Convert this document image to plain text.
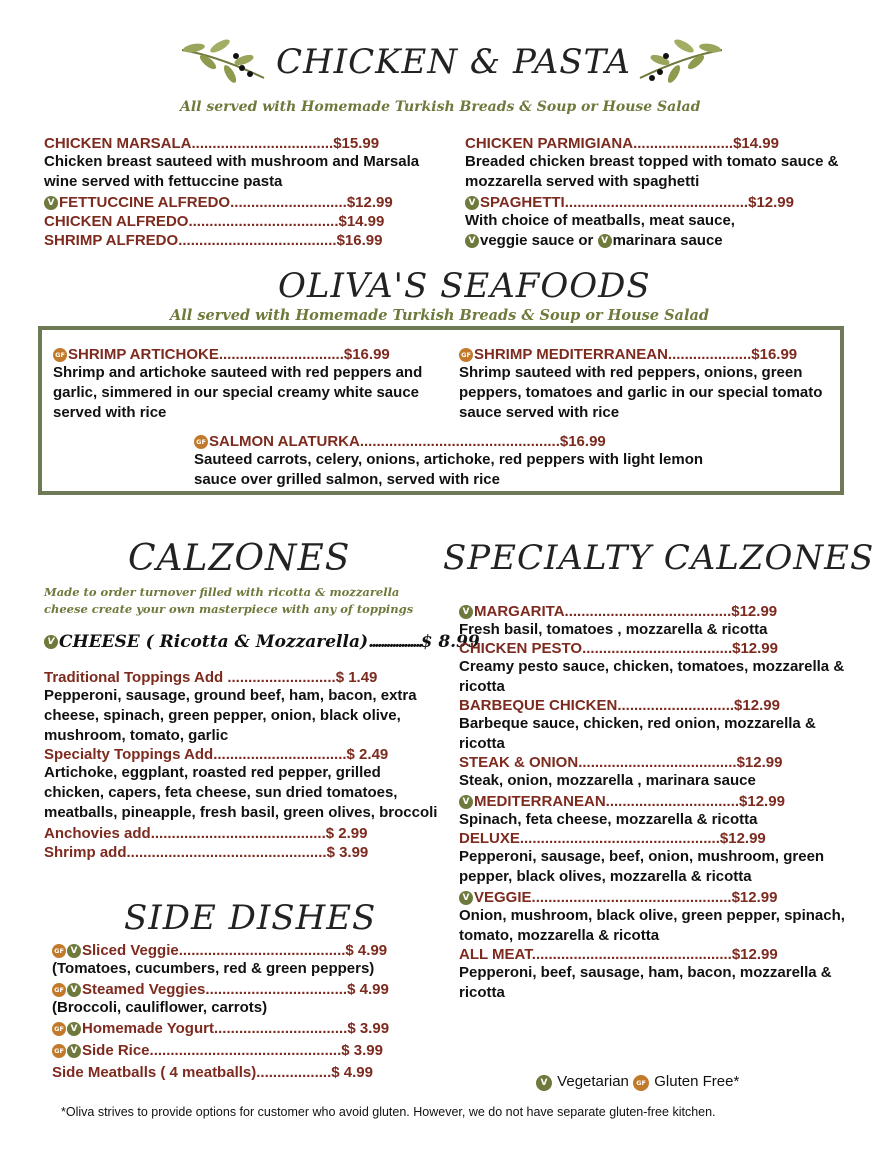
CHICKEN & PASTA
All served with Homemade Turkish Breads & Soup or House Salad
CHICKEN MARSALA..................................$15.99
Chicken breast sauteed with mushroom and Marsala wine served with fettuccine pasta
V FETTUCCINE ALFREDO............................$12.99
CHICKEN ALFREDO....................................$14.99
SHRIMP ALFREDO......................................$16.99
CHICKEN PARMIGIANA........................$14.99
Breaded chicken breast topped with tomato sauce & mozzarella served with spaghetti
V SPAGHETTI............................................$12.99
With choice of meatballs, meat sauce,
V veggie sauce or V marinara sauce
OLIVA'S SEAFOODS
All served with Homemade Turkish Breads & Soup or House Salad
GF SHRIMP ARTICHOKE..............................$16.99
Shrimp and artichoke sauteed with red peppers and garlic, simmered in our special creamy white sauce served with rice
GF SHRIMP MEDITERRANEAN....................$16.99
Shrimp sauteed with red peppers, onions, green peppers, tomatoes and garlic in our special tomato sauce served with rice
GF SALMON ALATURKA................................................$16.99
Sauteed carrots, celery, onions, artichoke, red peppers with light lemon sauce over grilled salmon, served with rice
CALZONES
Made to order turnover filled with ricotta & mozzarella cheese create your own masterpiece with any of toppings
V CHEESE ( Ricotta & Mozzarella)..................$ 8.99
Traditional Toppings Add ..........................$ 1.49
Pepperoni, sausage, ground beef, ham, bacon, extra cheese, spinach, green pepper, onion, black olive, mushroom, tomato, garlic
Specialty Toppings Add................................$ 2.49
Artichoke, eggplant, roasted red pepper, grilled chicken, capers, feta cheese, sun dried tomatoes, meatballs, pineapple, fresh basil, green olives, broccoli
Anchovies add..........................................$ 2.99
Shrimp add................................................$ 3.99
SIDE DISHES
GF V Sliced Veggie........................................$ 4.99
(Tomatoes, cucumbers, red & green peppers)
GF V Steamed Veggies..................................$ 4.99
(Broccoli, cauliflower, carrots)
GF V Homemade Yogurt................................$ 3.99
GF V Side Rice..............................................$ 3.99
Side Meatballs ( 4 meatballs)..................$ 4.99
SPECIALTY CALZONES
V MARGARITA........................................$12.99
Fresh basil, tomatoes , mozzarella & ricotta
CHICKEN PESTO....................................$12.99
Creamy pesto sauce, chicken, tomatoes, mozzarella & ricotta
BARBEQUE CHICKEN............................$12.99
Barbeque sauce, chicken, red onion, mozzarella & ricotta
STEAK & ONION......................................$12.99
Steak, onion, mozzarella , marinara sauce
V MEDITERRANEAN................................$12.99
Spinach, feta cheese, mozzarella & ricotta
DELUXE................................................$12.99
Pepperoni, sausage, beef, onion, mushroom, green pepper, black olives, mozzarella & ricotta
V VEGGIE................................................$12.99
Onion, mushroom, black olive, green pepper, spinach, tomato, mozzarella & ricotta
ALL MEAT................................................$12.99
Pepperoni, beef, sausage, ham, bacon, mozzarella & ricotta
V Vegetarian GF Gluten Free*
*Oliva strives to provide options for customer who avoid gluten. However, we do not have separate gluten-free kitchen.
